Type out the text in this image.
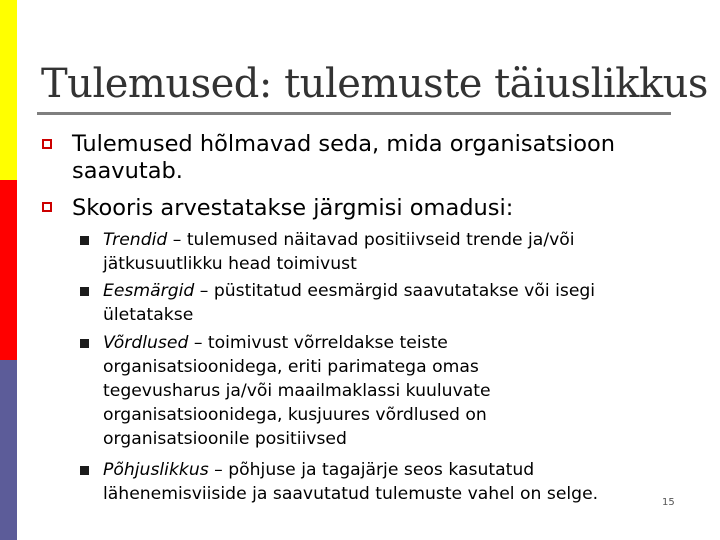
Tulemused: tulemuste täiuslikkus
Tulemused hõlmavad seda, mida organisatsioon
saavutab.
Skooris arvestatakse järgmisi omadusi:
Trendid – tulemused näitavad positiivseid trende ja/või
jätkusuutlikku head toimivust
Eesmärgid – püstitatud eesmärgid saavutatakse või isegi
ületatakse
Võrdlused – toimivust võrreldakse teiste
organisatsioonidega, eriti parimatega omas
tegevusharus ja/või maailmaklassi kuuluvate
organisatsioonidega, kusjuures võrdlused on
organisatsioonile positiivsed
Põhjuslikkus – põhjuse ja tagajärje seos kasutatud
lähenemisviiside ja saavutatud tulemuste vahel on selge.	15
